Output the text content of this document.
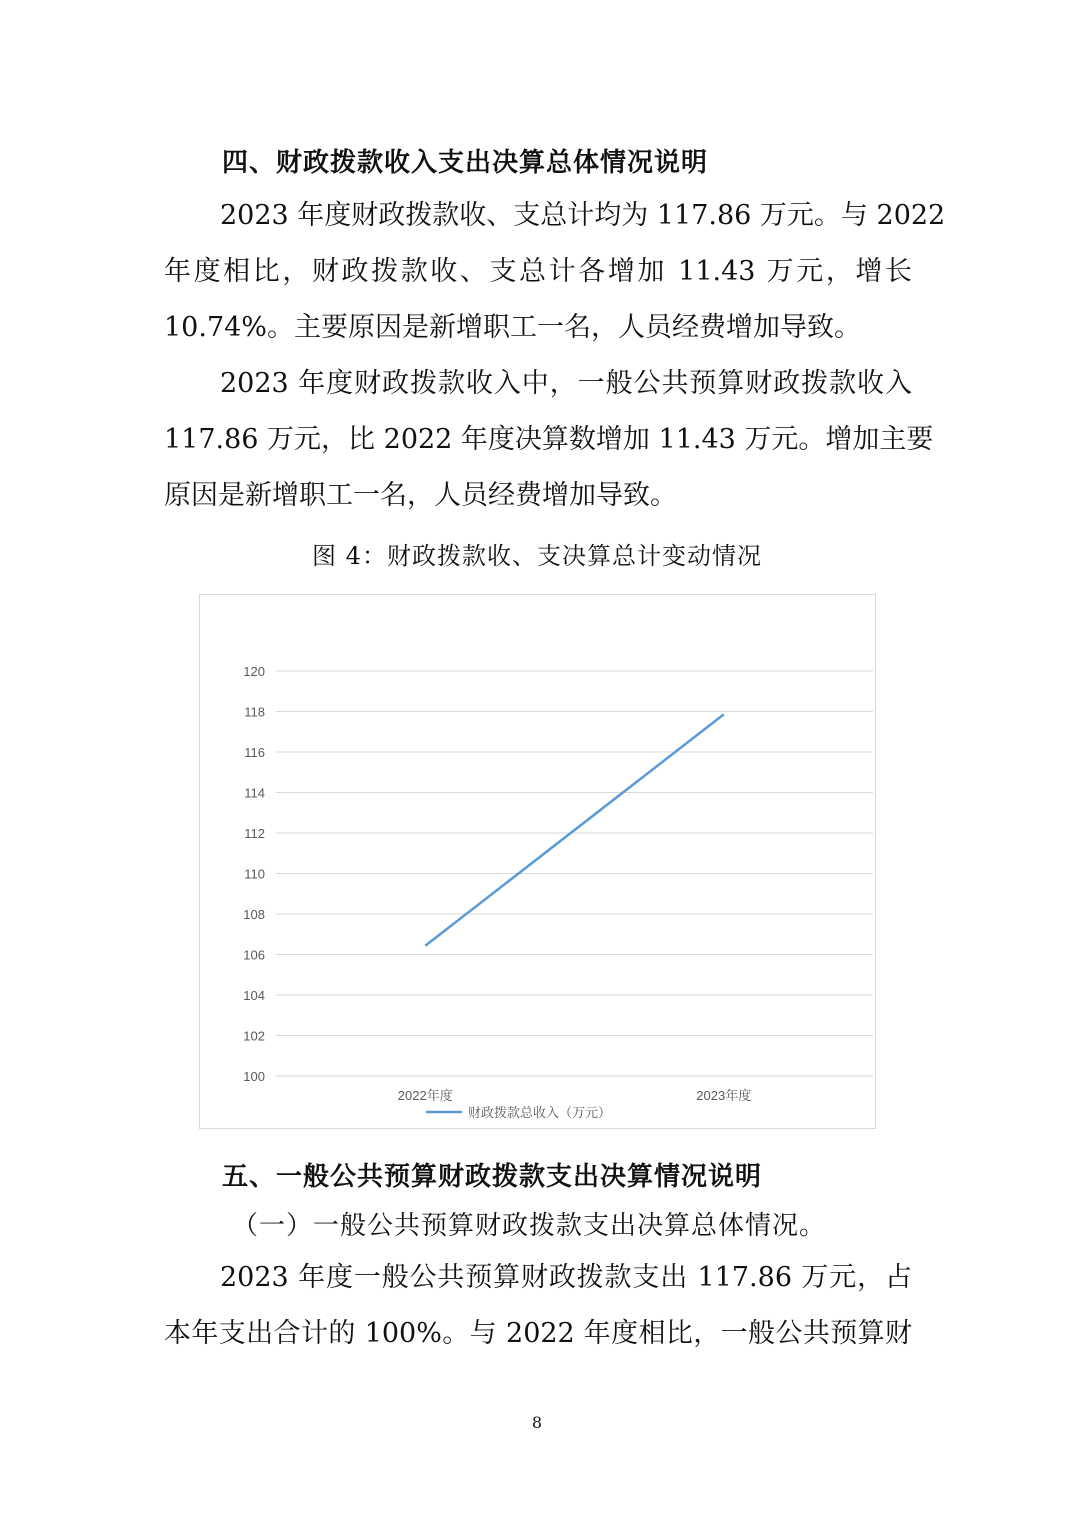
四、财政拨款收入支出决算总体情况说明
2023 年度财政拨款收、支总计均为 117.86 万元。与 2022
年度相比，财政拨款收、支总计各增加 11.43 万元，增长
10.74%。主要原因是新增职工一名，人员经费增加导致。
2023 年度财政拨款收入中，一般公共预算财政拨款收入
117.86 万元，比 2022 年度决算数增加 11.43 万元。增加主要
原因是新增职工一名，人员经费增加导致。
图 4：财政拨款收、支决算总计变动情况
100
102
104
106
108
110
112
114
116
118
120
2022年度	2023年度
财政拨款总收入（万元）
五、一般公共预算财政拨款支出决算情况说明
（一）一般公共预算财政拨款支出决算总体情况。
2023 年度一般公共预算财政拨款支出 117.86 万元，占
本年支出合计的 100%。与 2022 年度相比，一般公共预算财
8
